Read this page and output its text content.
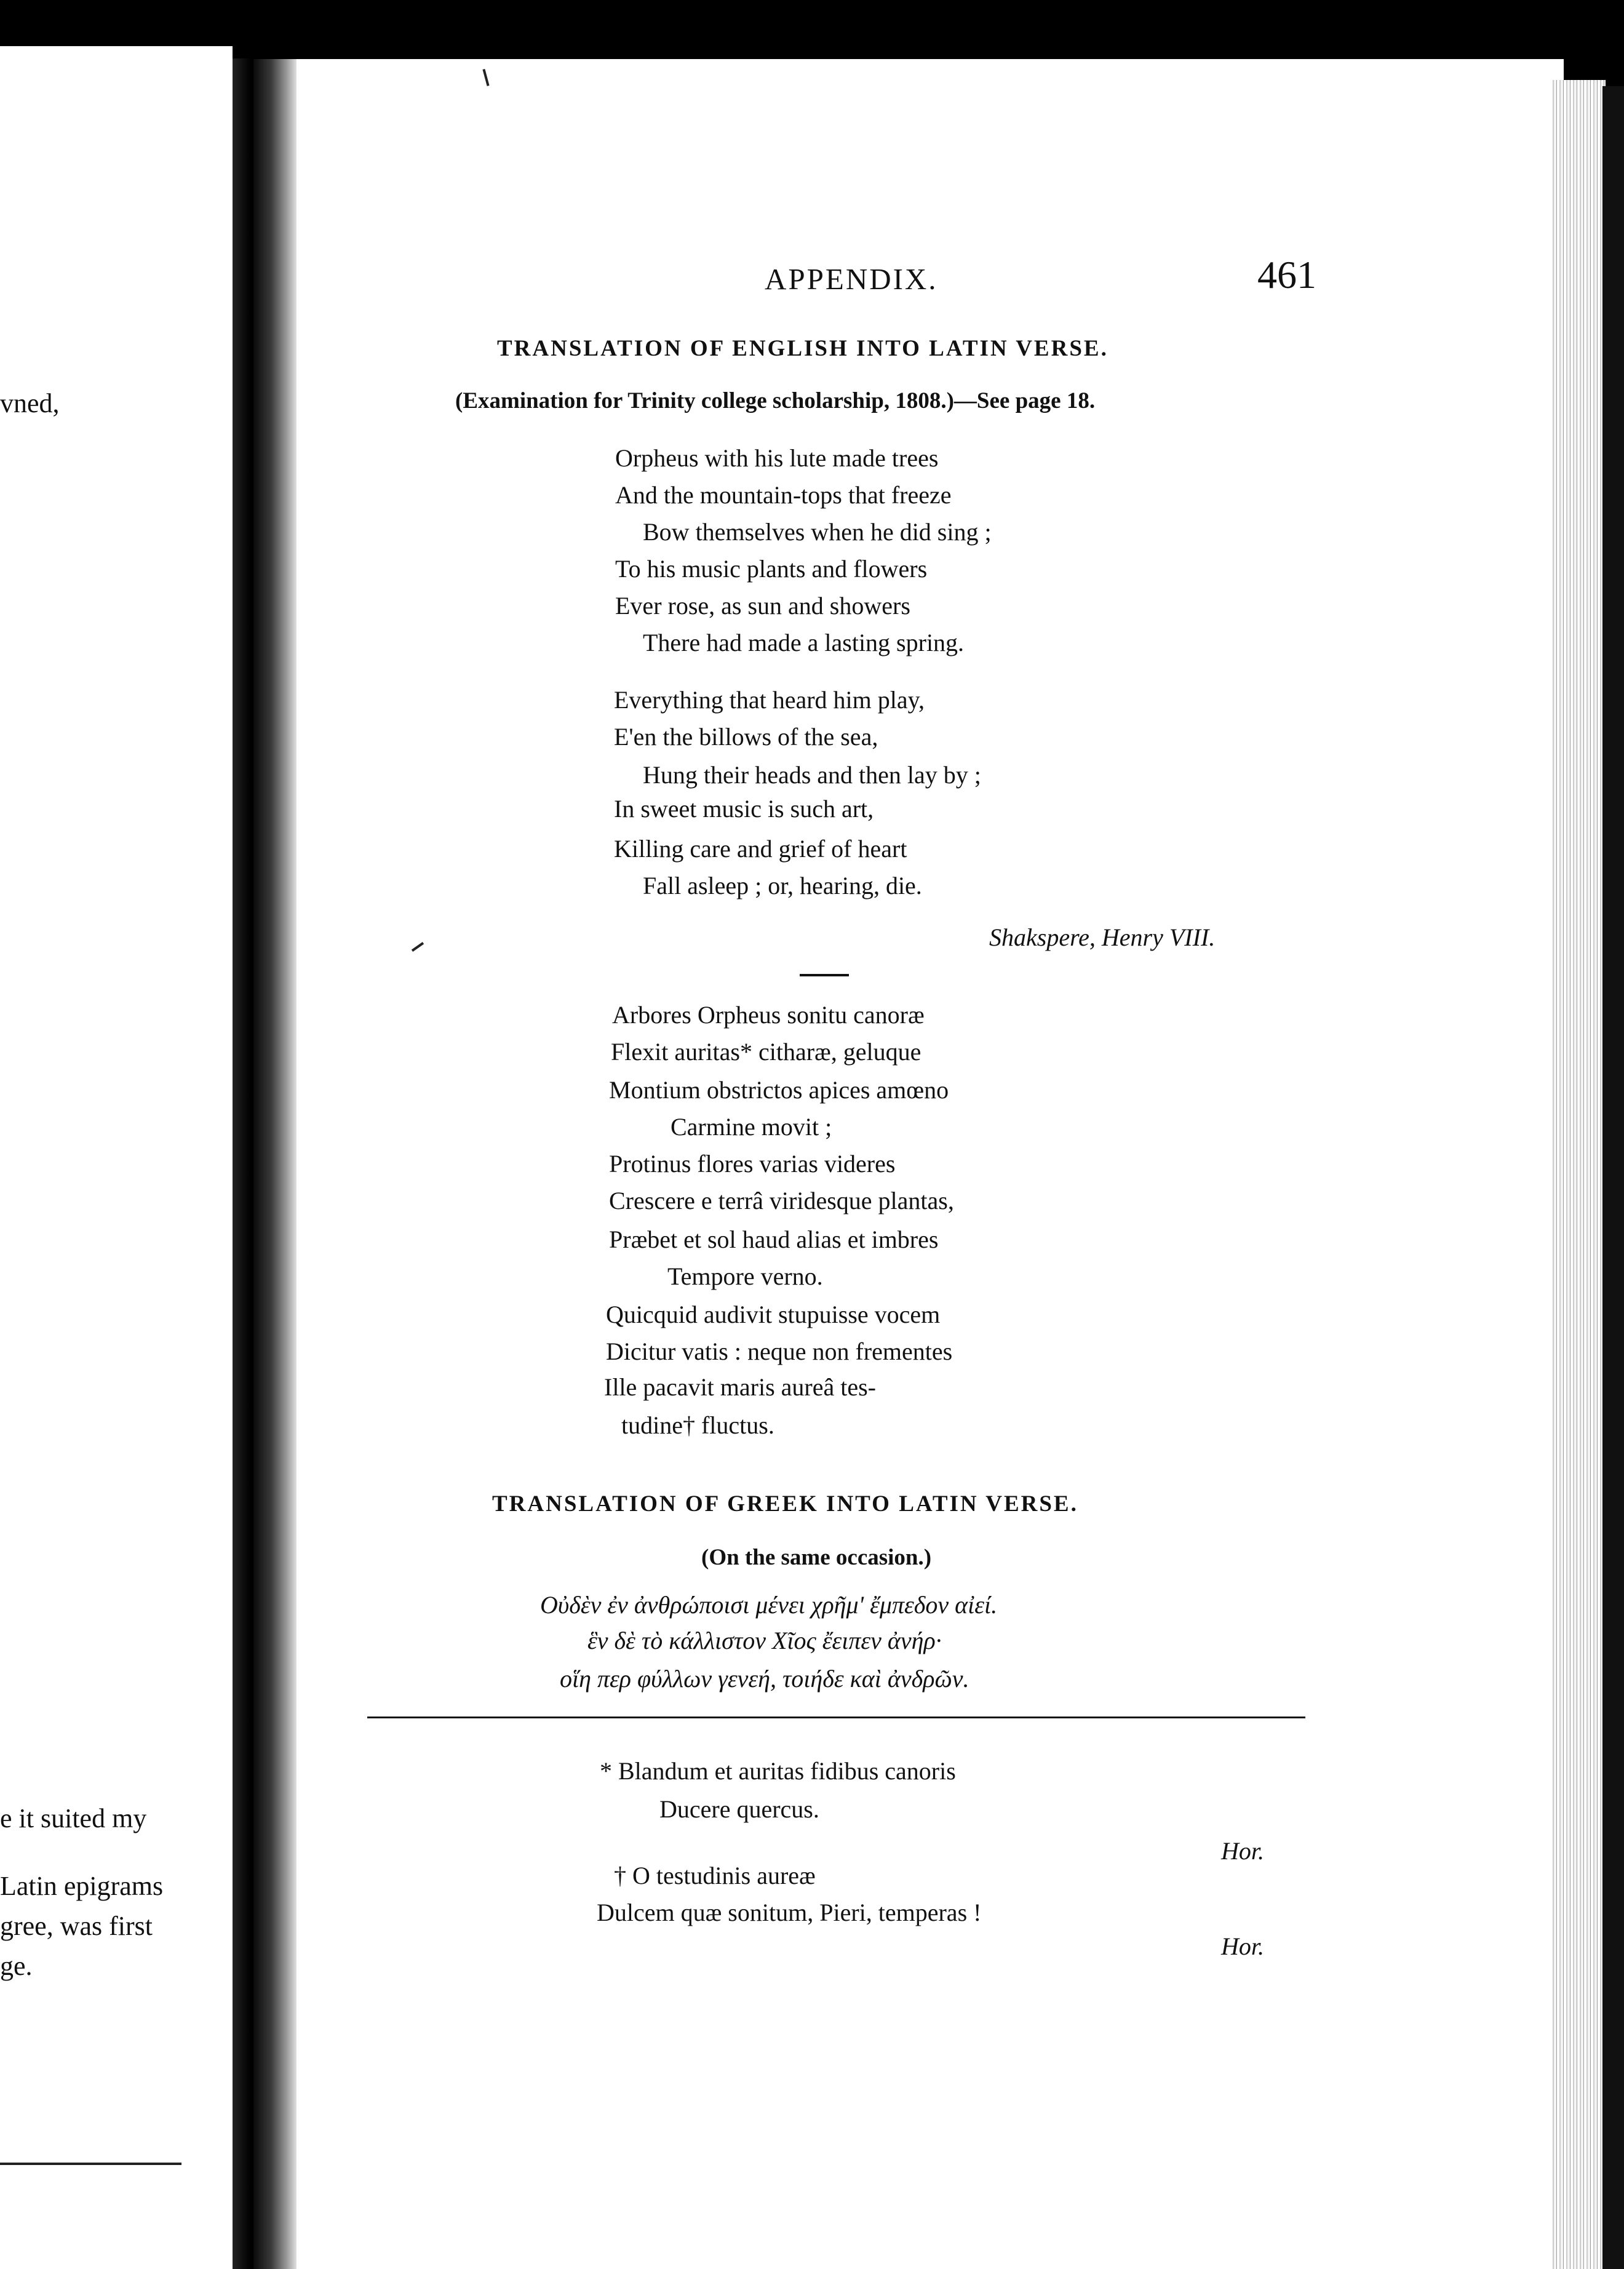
vned,
e it suited my
Latin epigrams
gree, was first
ge.
APPENDIX.	461
TRANSLATION OF ENGLISH INTO LATIN VERSE.
(Examination for Trinity college scholarship, 1808.)—See page 18.
Orpheus with his lute made trees
And the mountain-tops that freeze
Bow themselves when he did sing ;
To his music plants and flowers
Ever rose, as sun and showers
There had made a lasting spring.
Everything that heard him play,
E'en the billows of the sea,
Hung their heads and then lay by ;
In sweet music is such art,
Killing care and grief of heart
Fall asleep ; or, hearing, die.
Shakspere, Henry VIII.
Arbores Orpheus sonitu canoræ
Flexit auritas* citharæ, geluque
Montium obstrictos apices amœno
Carmine movit ;
Protinus flores varias videres
Crescere e terrâ viridesque plantas,
Præbet et sol haud alias et imbres
Tempore verno.
Quicquid audivit stupuisse vocem
Dicitur vatis : neque non frementes
Ille pacavit maris aureâ tes-
tudine† fluctus.
TRANSLATION OF GREEK INTO LATIN VERSE.
(On the same occasion.)
Οὐδὲν ἐν ἀνθρώποισι μένει χρῆμ' ἔμπεδον αἰεί.
ἓν δὲ τὸ κάλλιστον Χῖος ἔειπεν ἀνήρ·
οἵη περ φύλλων γενεή, τοιήδε καὶ ἀνδρῶν.
* Blandum et auritas fidibus canoris
Ducere quercus.
Hor.
† O testudinis aureæ
Dulcem quæ sonitum, Pieri, temperas !
Hor.
